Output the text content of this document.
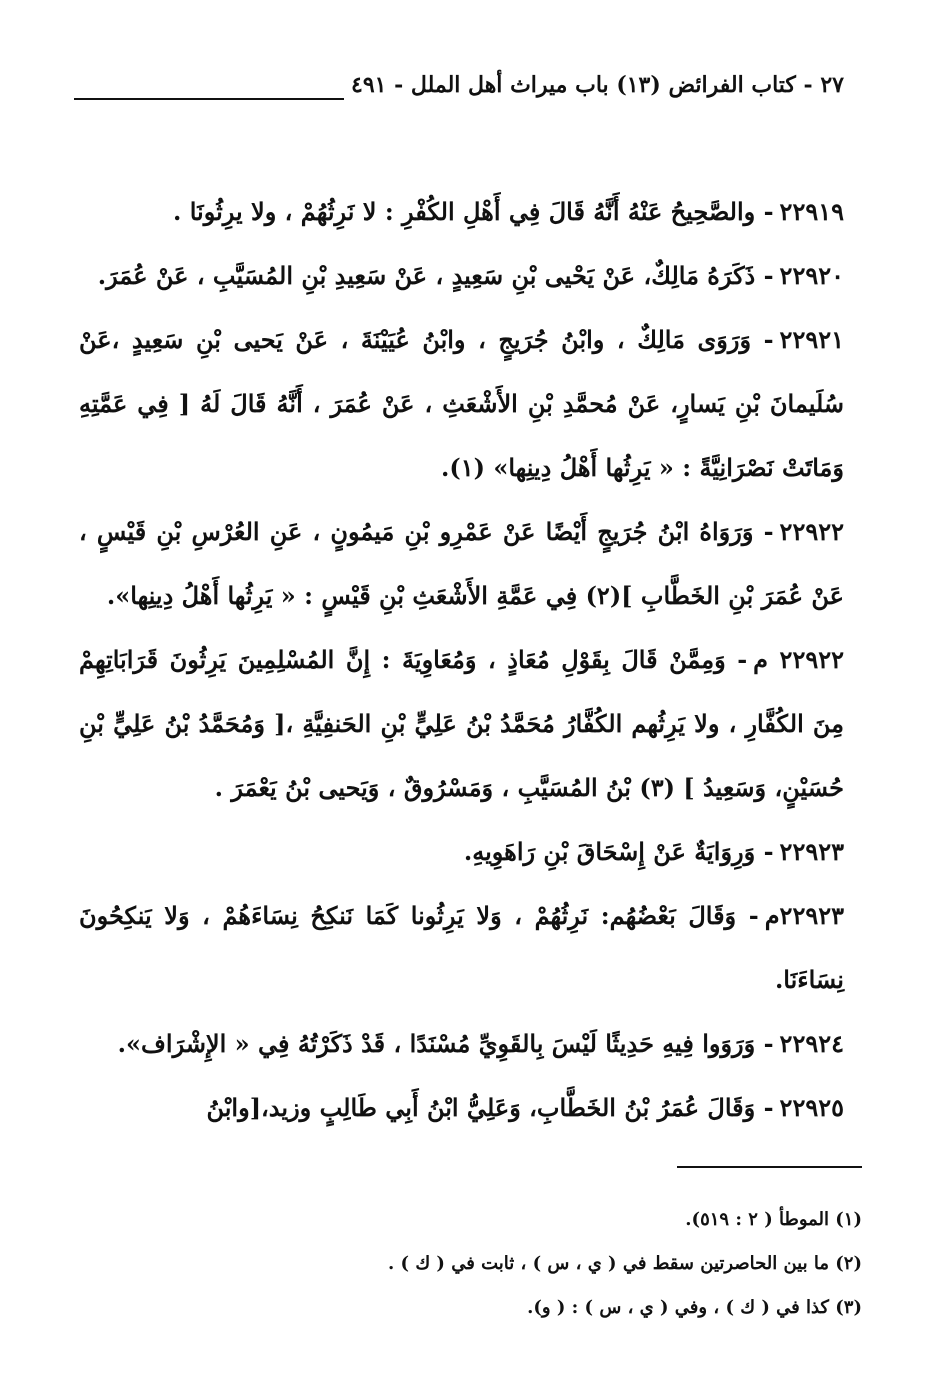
٢٧ - كتاب الفرائض (١٣) باب ميراث أهل الملل - ٤٩١

٢٢٩١٩- والصَّحِيحُ عَنْهُ أَنَّهُ قَالَ فِي أَهْلِ الكُفْرِ : لا نَرِثُهُمْ ، ولا يرِثُونَا .

٢٢٩٢٠- ذَكَرَهُ مَالِكٌ، عَنْ يَحْيى بْنِ سَعِيدٍ ، عَنْ سَعِيدِ بْنِ المُسَيَّبِ ، عَنْ عُمَرَ.

٢٢٩٢١- وَرَوَى مَالِكٌ ، وابْنُ جُرَيجٍ ، وابْنُ عُيَيْنَةَ ، عَنْ يَحيى بْنِ سَعِيدٍ ،عَنْ سُلَيمانَ بْنِ يَسارٍ، عَنْ مُحمَّدِ بْنِ الأَشْعَثِ ، عَنْ عُمَرَ ، أَنَّهُ قَالَ لَهُ [ فِي عَمَّتِهِ وَمَاتَتْ نَصْرَانِيَّةً : « يَرِثُها أَهْلُ دِينِها» (١).

٢٢٩٢٢- وَرَوَاهُ ابْنُ جُرَيجٍ أَيْضًا عَنْ عَمْرِو بْنِ مَيمُونٍ ، عَنِ العُرْسِ بْنِ قَيْسٍ ، عَنْ عُمَرَ بْنِ الخَطَّابِ ](٢) فِي عَمَّةِ الأَشْعَثِ بْنِ قَيْسٍ : « يَرِثُها أَهْلُ دِينِها».

٢٢٩٢٢ م- وَمِمَّنْ قَالَ بِقَوْلِ مُعَاذٍ ، وَمُعَاوِيَةَ : إِنَّ المُسْلِمِينَ يَرِثُونَ قَرَابَاتِهِمْ مِنَ الكُفَّارِ ، ولا يَرِثُهم الكُفَّارُ مُحَمَّدُ بْنُ عَلِيٍّ بْنِ الحَنفِيَّةِ ،[ وَمُحَمَّدُ بْنُ عَلِيٍّ بْنِ حُسَيْنٍ، وَسَعِيدُ ] (٣) بْنُ المُسَيَّبِ ، وَمَسْرُوقٌ ، وَيَحيى بْنُ يَعْمَرَ .

٢٢٩٢٣- وَرِوَايَةٌ عَنْ إِسْحَاقَ بْنِ رَاهَوِيهِ.

٢٢٩٢٣م- وَقَالَ بَعْضُهُم: نَرِثُهُمْ ، وَلا يَرِثُونا كَمَا نَنكِحُ نِسَاءَهُمْ ، وَلا يَنكِحُونَ نِسَاءَنَا.

٢٢٩٢٤- وَرَوَوا فِيهِ حَدِيثًا لَيْسَ بِالقَوِيِّ مُسْنَدًا ، قَدْ ذَكَرْتُهُ فِي « الإِشْرَاف».

٢٢٩٢٥- وَقَالَ عُمَرُ بْنُ الخَطَّابِ، وَعَلِيُّ ابْنُ أَبِي طَالِبٍ وزيد،[وابْنُ

(١) الموطأ ( ٢ : ٥١٩).

(٢) ما بين الحاصرتين سقط في ( ي ، س ) ، ثابت في ( ك ) .

(٣) كذا في ( ك ) ، وفي ( ي ، س ) : ( و).
